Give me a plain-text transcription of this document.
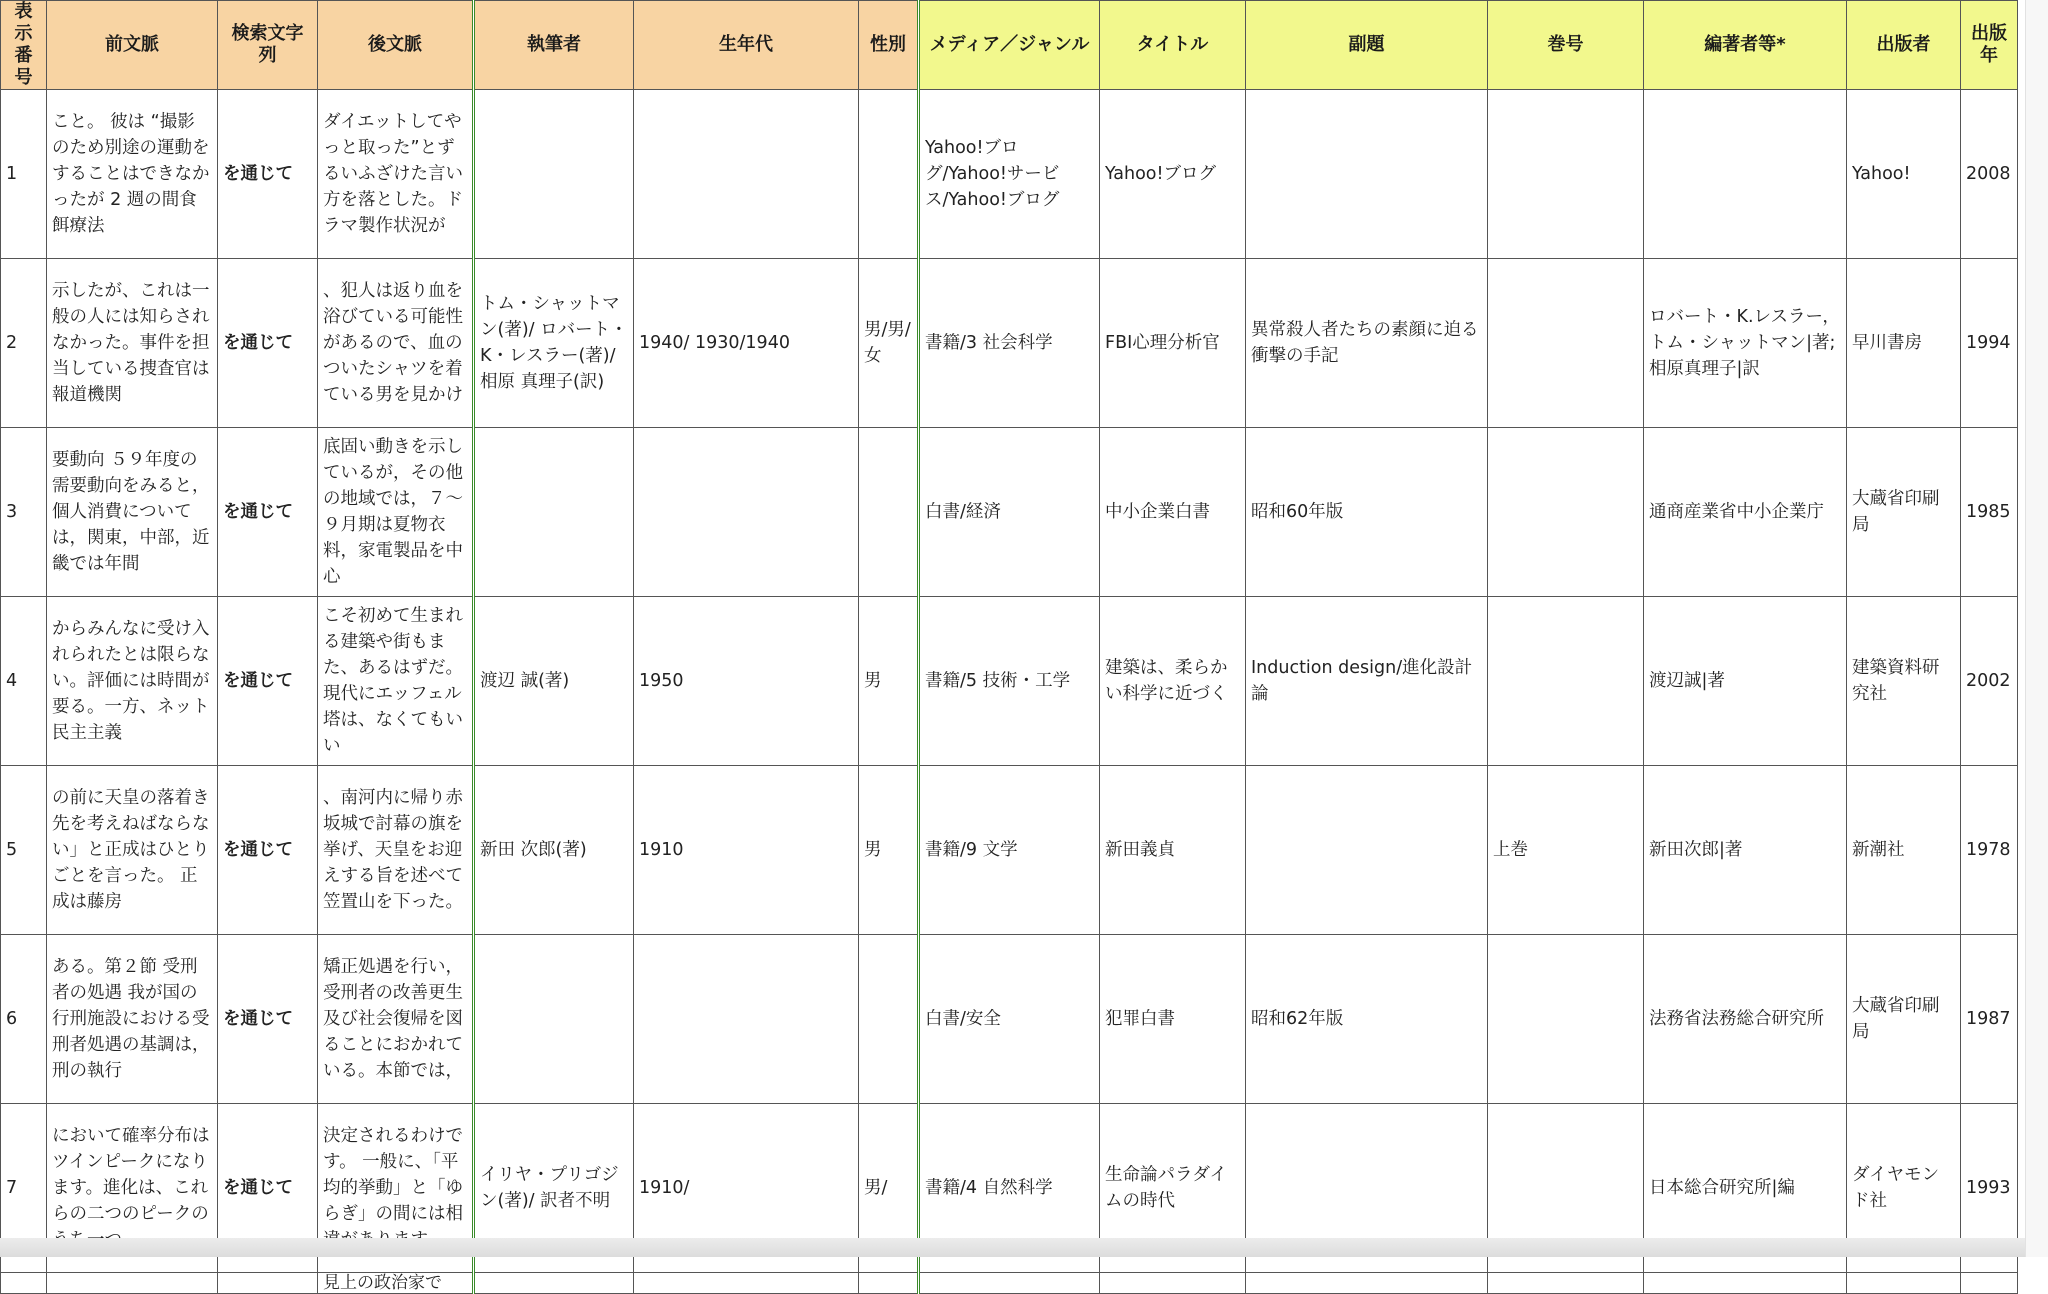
表示番号	前文脈	検索文字列	後文脈	執筆者	生年代	性別	メディア／ジャンル	タイトル	副題	巻号	編著者等*	出版者	出版年
1	こと。 彼は “撮影のため別途の運動をすることはできなかったが 2 週の間食餌療法	を通じて	ダイエットしてやっと取った”とずるいふざけた言い方を落とした。ドラマ製作状況が				Yahoo!ブログ/Yahoo!サービス/Yahoo!ブログ	Yahoo!ブログ				Yahoo!	2008
2	示したが、これは一般の人には知らされなかった。事件を担当している捜査官は報道機関	を通じて	、犯人は返り血を浴びている可能性があるので、血のついたシャツを着ている男を見かけ	トム・シャットマン(著)/ ロバート・K・レスラー(著)/相原 真理子(訳)	1940/ 1930/1940	男/男/女	書籍/3 社会科学	FBI心理分析官	異常殺人者たちの素顔に迫る衝撃の手記		ロバート・K.レスラー，トム・シャットマン|著;相原真理子|訳	早川書房	1994
3	要動向 ５９年度の需要動向をみると，個人消費については，関東，中部，近畿では年間	を通じて	底固い動きを示しているが，その他の地域では，７～９月期は夏物衣料，家電製品を中心				白書/経済	中小企業白書	昭和60年版		通商産業省中小企業庁	大蔵省印刷局	1985
4	からみんなに受け入れられたとは限らない。評価には時間が要る。一方、ネット民主主義	を通じて	こそ初めて生まれる建築や街もまた、あるはずだ。現代にエッフェル塔は、なくてもいい	渡辺 誠(著)	1950	男	書籍/5 技術・工学	建築は、柔らかい科学に近づく	Induction design/進化設計論		渡辺誠|著	建築資料研究社	2002
5	の前に天皇の落着き先を考えねばならない」と正成はひとりごとを言った。 正成は藤房	を通じて	、南河内に帰り赤坂城で討幕の旗を挙げ、天皇をお迎えする旨を述べて笠置山を下った。	新田 次郎(著)	1910	男	書籍/9 文学	新田義貞		上巻	新田次郎|著	新潮社	1978
6	ある。第２節 受刑者の処遇 我が国の行刑施設における受刑者処遇の基調は，刑の執行	を通じて	矯正処遇を行い，受刑者の改善更生及び社会復帰を図ることにおかれている。本節では，				白書/安全	犯罪白書	昭和62年版		法務省法務総合研究所	大蔵省印刷局	1987
7	において確率分布はツインピークになります。進化は、これらの二つのピークの	を通じて	決定されるわけです。 一般に、「平均的挙動」と「ゆらぎ」の間には相	イリヤ・プリゴジン(著)/ 訳者不明	1910/	男/	書籍/4 自然科学	生命論パラダイムの時代			日本総合研究所|編	ダイヤモンド社	1993
			見上の政治家で										
